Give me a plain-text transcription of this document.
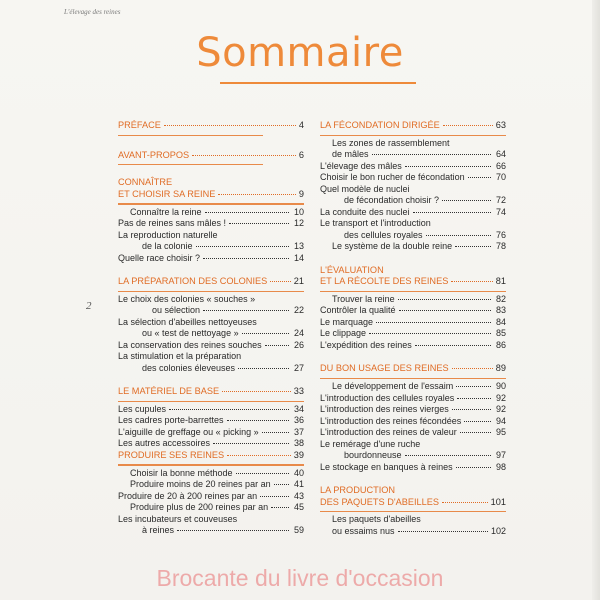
L'élevage des reines
Sommaire
2
PRÉFACE	4
AVANT-PROPOS	6
CONNAÎTRE
ET CHOISIR SA REINE	9
Connaître la reine	10
Pas de reines sans mâles !	12
La reproduction naturelle
de la colonie	13
Quelle race choisir ?	14
LA PRÉPARATION DES COLONIES	21
Le choix des colonies « souches »
ou sélection	22
La sélection d'abeilles nettoyeuses
ou « test de nettoyage »	24
La conservation des reines souches	26
La stimulation et la préparation
des colonies éleveuses	27
LE MATÉRIEL DE BASE	33
Les cupules	34
Les cadres porte-barrettes	36
L'aiguille de greffage ou « picking »	37
Les autres accessoires	38
PRODUIRE SES REINES	39
Choisir la bonne méthode	40
Produire moins de 20 reines par an	41
Produire de 20 à 200 reines par an	43
Produire plus de 200 reines par an	45
Les incubateurs et couveuses
à reines	59
LA FÉCONDATION DIRIGÉE	63
Les zones de rassemblement
de mâles	64
L'élevage des mâles	66
Choisir le bon rucher de fécondation	70
Quel modèle de nuclei
de fécondation choisir ?	72
La conduite des nuclei	74
Le transport et l'introduction
des cellules royales	76
Le système de la double reine	78
L'ÉVALUATION
ET LA RÉCOLTE DES REINES	81
Trouver la reine	82
Contrôler la qualité	83
Le marquage	84
Le clippage	85
L'expédition des reines	86
DU BON USAGE DES REINES	89
Le développement de l'essaim	90
L'introduction des cellules royales	92
L'introduction des reines vierges	92
L'introduction des reines fécondées	94
L'introduction des reines de valeur	95
Le remérage d'une ruche
bourdonneuse	97
Le stockage en banques à reines	98
LA PRODUCTION
DES PAQUETS D'ABEILLES	101
Les paquets d'abeilles
ou essaims nus	102
Brocante du livre d'occasion
